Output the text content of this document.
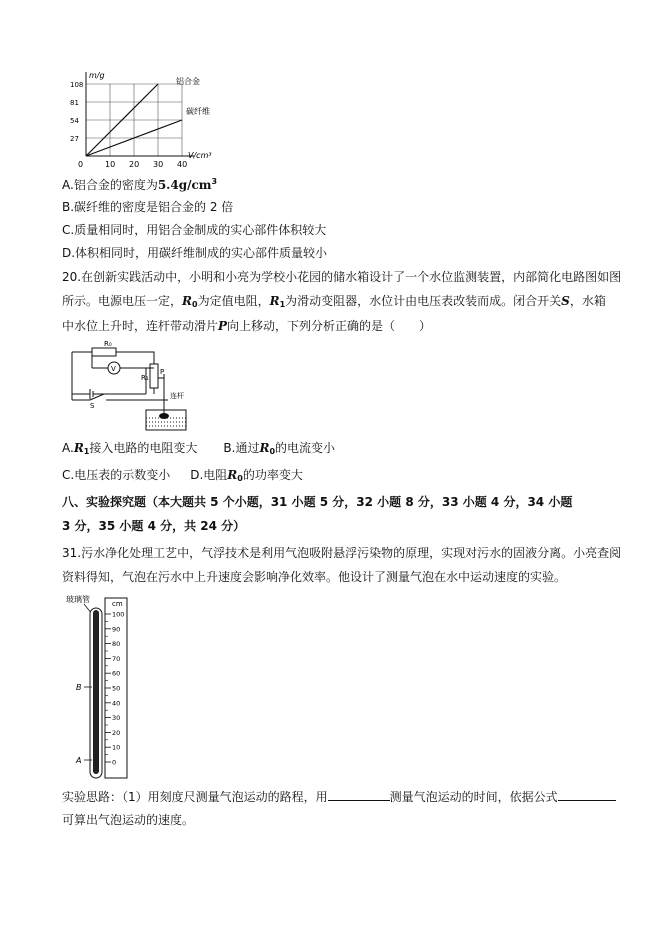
0	10 20 30 40
27
54
81
108
m/g
V/cm³
铝合金
碳纤维
A.铝合金的密度为$5.4g/cm^3$
B.碳纤维的密度是铝合金的 2 倍
C.质量相同时，用铝合金制成的实心部件体积较大
D.体积相同时，用碳纤维制成的实心部件质量较小
20.在创新实践活动中，小明和小亮为学校小花园的储水箱设计了一个水位监测装置，内部简化电路图如图
所示。电源电压一定，$R_0$为定值电阻，$R_1$为滑动变阻器，水位计由电压表改装而成。闭合开关S，水箱
中水位上升时，连杆带动滑片P向上移动，下列分析正确的是（　　）
R₀
V
R₁
P
S
连杆
$A.R_1$接入电路的电阻变大 B.通过$R_0$的电流变小
C.电压表的示数变小 D.电阻$R_0$的功率变大
八、实验探究题（本大题共 5 个小题，31 小题 5 分，32 小题 8 分，33 小题 4 分，34 小题
3 分，35 小题 4 分，共 24 分）
31.污水净化处理工艺中，气浮技术是利用气泡吸附悬浮污染物的原理，实现对污水的固液分离。小亮查阅
资料得知，气泡在污水中上升速度会影响净化效率。他设计了测量气泡在水中运动速度的实验。
玻璃管	cm
100
90
80
70
60
50
40
30
20
10
0
B
A
实验思路：（1）用刻度尺测量气泡运动的路程，用	测量气泡运动的时间，依据公式
可算出气泡运动的速度。
